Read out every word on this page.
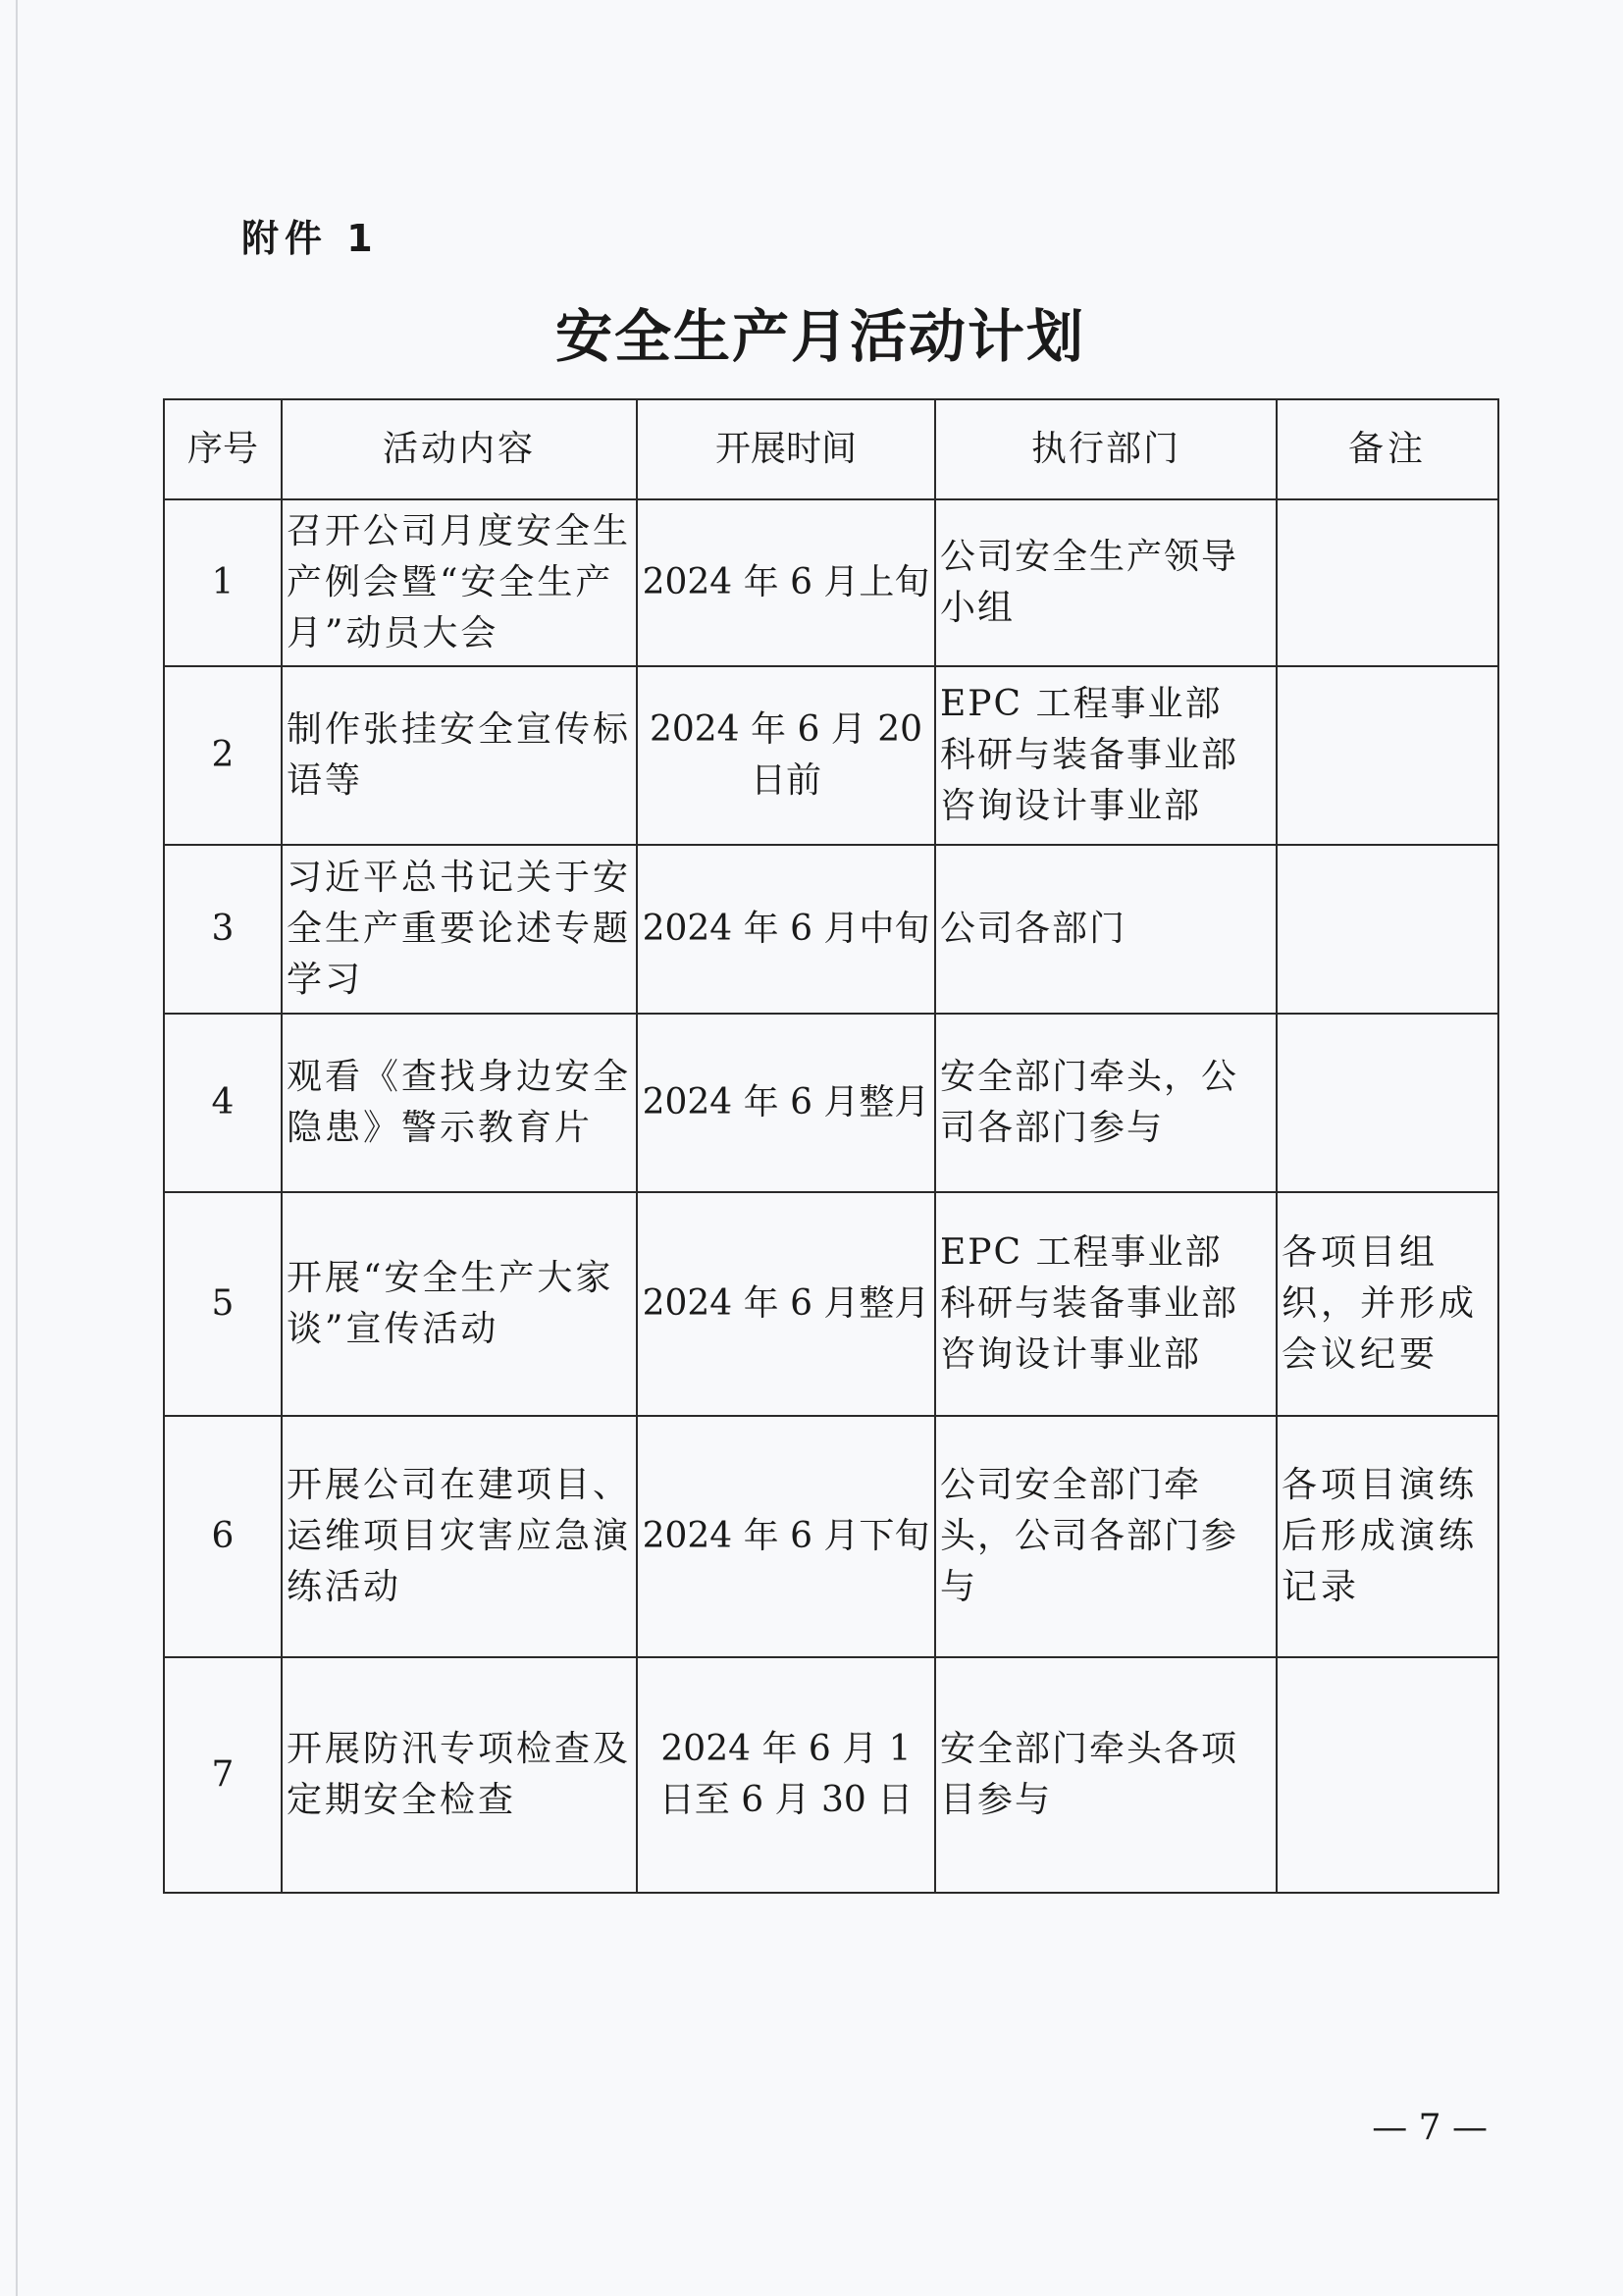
附件 1

安全生产月活动计划
序号	活动内容	开展时间	执行部门	备注
1	召开公司月度安全生产例会暨“安全生产月”动员大会	2024 年 6 月上旬	公司安全生产领导小组	

2	制作张挂安全宣传标语等	2024 年 6 月 20 日前	EPC 工程事业部
科研与装备事业部
咨询设计事业部	

3	习近平总书记关于安全生产重要论述专题学习	2024 年 6 月中旬	公司各部门	

4	观看《查找身边安全隐患》警示教育片	2024 年 6 月整月	安全部门牵头，公司各部门参与	

5	开展“安全生产大家谈”宣传活动	2024 年 6 月整月	EPC 工程事业部
科研与装备事业部
咨询设计事业部	各项目组织，并形成会议纪要
6	开展公司在建项目、运维项目灾害应急演练活动	2024 年 6 月下旬	公司安全部门牵头，公司各部门参与	各项目演练后形成演练记录
7	开展防汛专项检查及定期安全检查	2024 年 6 月 1 日至 6 月 30 日	安全部门牵头各项目参与	

— 7 —
